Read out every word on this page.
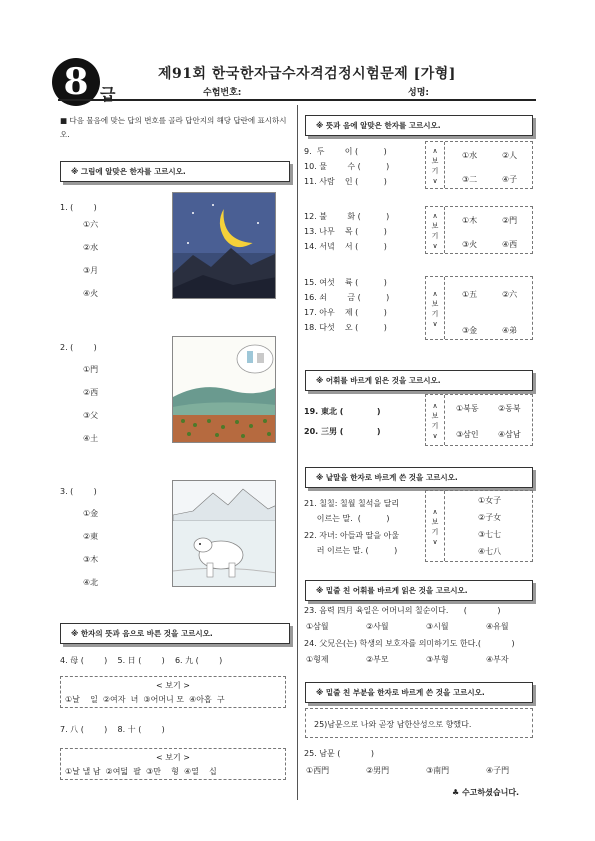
8 급
제91회 한국한자급수자격검정시험문제 [가형]
수험번호:	성명:
■ 다음 물음에 맞는 답의 번호를 골라 답안지의 해당 답란에 표시하시오.
※ 그림에 알맞은 한자를 고르시오.
1. (        )
①六
②水
③月
④火
2. (        )
①門
②西
③父
④土
3. (        )
①金
②東
③木
④北
※ 한자의 뜻과 음으로 바른 것을 고르시오.
4. 母 (        )    5. 日 (        )    6. 九 (        )
< 보기 >
①날    일  ②여자  녀  ③어머니 모  ④아홉  구
7. 八 (        )    8. 十 (        )
< 보기 >
①날 낼 남  ②여덟  팔  ③만    형  ④열    십
※ 뜻과 음에 알맞은 한자를 고르시오.
9.  두        이 (          )
10. 물        수 (          )
11. 사람    인 (          )
∧
보
기
∨
①水	②人
③二	④子
12. 불        화 (          )
13. 나무    목 (          )
14. 서녘    서 (          )
∧
보
기
∨
①木	②門
③火	④西
15. 여섯    륙 (          )
16. 쇠        금 (          )
17. 아우    제 (          )
18. 다섯    오 (          )
∧
보
기
∨
①五	②六
③金	④弟
※ 어휘를 바르게 읽은 것을 고르시오.
19. 東北 (            )
20. 三男 (            )
∧
보
기
∨
①북동 ②동북
③삼인 ④삼남
※ 낱말을 한자로 바르게 쓴 것을 고르시오.
21. 칠칠: 칠월 칠석을 달리
이르는 말.  (          )
22. 자녀: 아들과 딸을 아울
러 이르는 말. (          )
∧
보
기
∨
①女子
②子女
③七七
④七八
※ 밑줄 친 어휘를 바르게 읽은 것을 고르시오.
23. 음력 四月 육일은 어머니의 칠순이다.      (            )
①삼월	②사월	③시월	④유월
24. 父兄은(는) 학생의 보호자를 의미하기도 한다.(            )
①형제	②부모	③부형	④부자
※ 밑줄 친 부분을 한자로 바르게 쓴 것을 고르시오.
25)남문으로 나와 곧장 남한산성으로 향했다.
25. 남문 (            )
①西門	②男門	③南門	④子門
♣ 수고하셨습니다.
